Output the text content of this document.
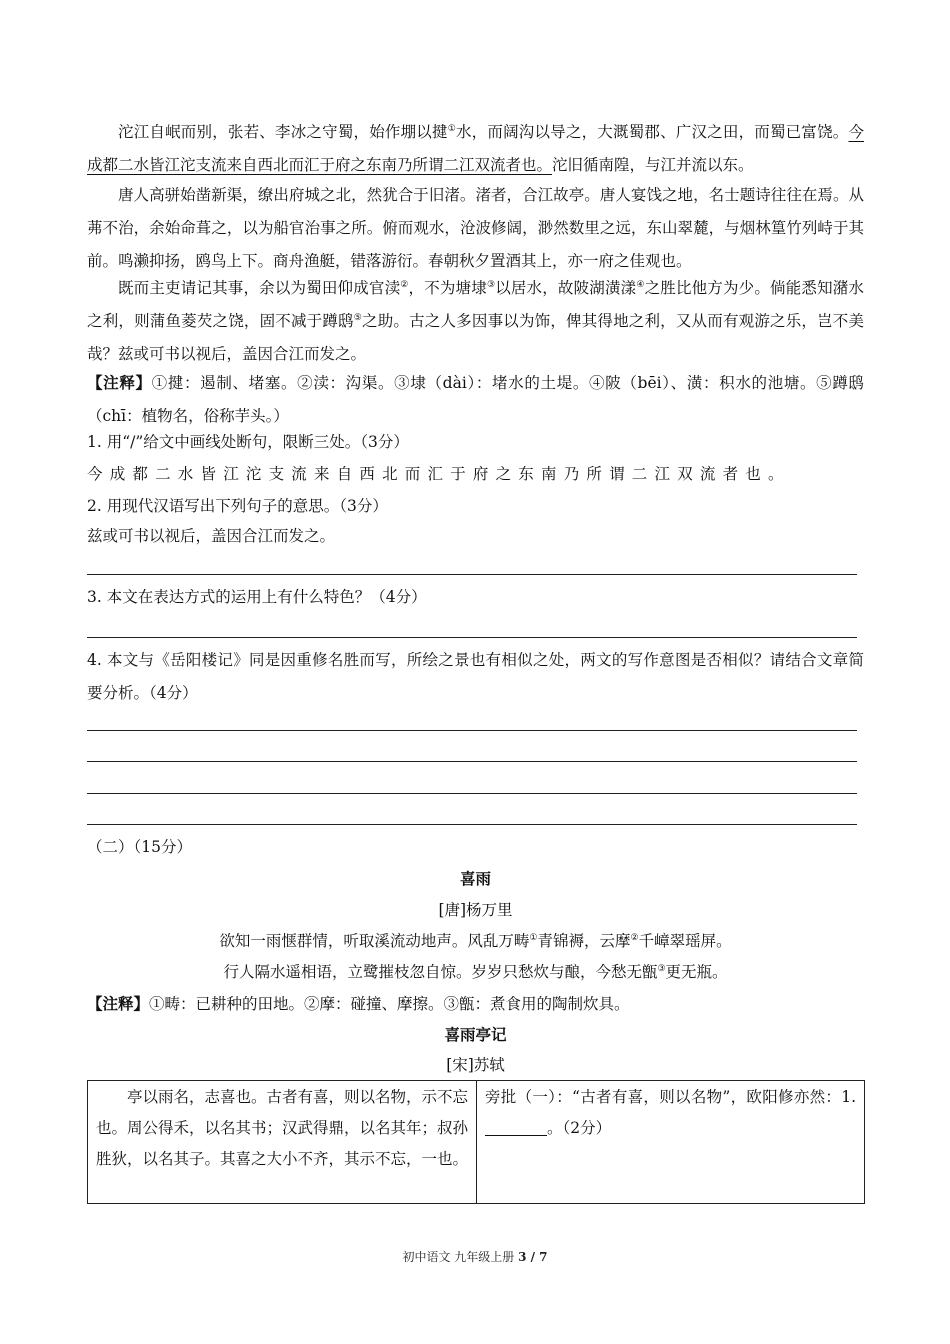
沱江自岷而别，张若、李冰之守蜀，始作堋以揵①水，而阔沟以导之，大溉蜀郡、广汉之田，而蜀已富饶。今成都二水皆江沱支流来自西北而汇于府之东南乃所谓二江双流者也。沱旧循南隍，与江并流以东。

唐人高骈始凿新渠，缭出府城之北，然犹合于旧渚。渚者，合江故亭。唐人宴饯之地，名士题诗往往在焉。从茀不治，余始命葺之，以为船官治事之所。俯而观水，沧波修阔，渺然数里之远，东山翠麓，与烟林篁竹列峙于其前。鸣濑抑扬，鸥鸟上下。商舟渔艇，错落游衍。春朝秋夕置酒其上，亦一府之佳观也。

既而主吏请记其事，余以为蜀田仰成官渎②，不为塘埭③以居水，故陂湖潢漾④之胜比他方为少。倘能悉知潴水之利，则蒲鱼菱芡之饶，固不减于蹲鸱⑤之助。古之人多因事以为饰，俾其得地之利，又从而有观游之乐，岂不美哉？兹或可书以视后，盖因合江而发之。

【注释】①揵：遏制、堵塞。②渎：沟渠。③埭（dài）：堵水的土堤。④陂（bēi）、潢：积水的池塘。⑤蹲鸱（chī：植物名，俗称芋头。）

1. 用“/”给文中画线处断句，限断三处。（3分）

今成都二水皆江沱支流来自西北而汇于府之东南乃所谓二江双流者也。

2. 用现代汉语写出下列句子的意思。（3分）

兹或可书以视后，盖因合江而发之。

3. 本文在表达方式的运用上有什么特色？（4分）

4. 本文与《岳阳楼记》同是因重修名胜而写，所绘之景也有相似之处，两文的写作意图是否相似？请结合文章简要分析。（4分）

（二）（15分）

喜雨

[唐]杨万里

欲知一雨惬群情，听取溪流动地声。风乱万畴①青锦褥，云摩②千嶂翠瑶屏。

行人隔水遥相语，立鹭摧枝忽自惊。岁岁只愁炊与酿，今愁无甑③更无瓶。

【注释】①畴：已耕种的田地。②摩：碰撞、摩擦。③甑：煮食用的陶制炊具。

喜雨亭记

[宋]苏轼

亭以雨名，志喜也。古者有喜，则以名物，示不忘也。周公得禾，以名其书；汉武得鼎，以名其年；叔孙胜狄，以名其子。其喜之大小不齐，其示不忘，一也。

旁批（一）：“古者有喜，则以名物”，欧阳修亦然：1. 。（2分）

初中语文 九年级上册 3 / 7
